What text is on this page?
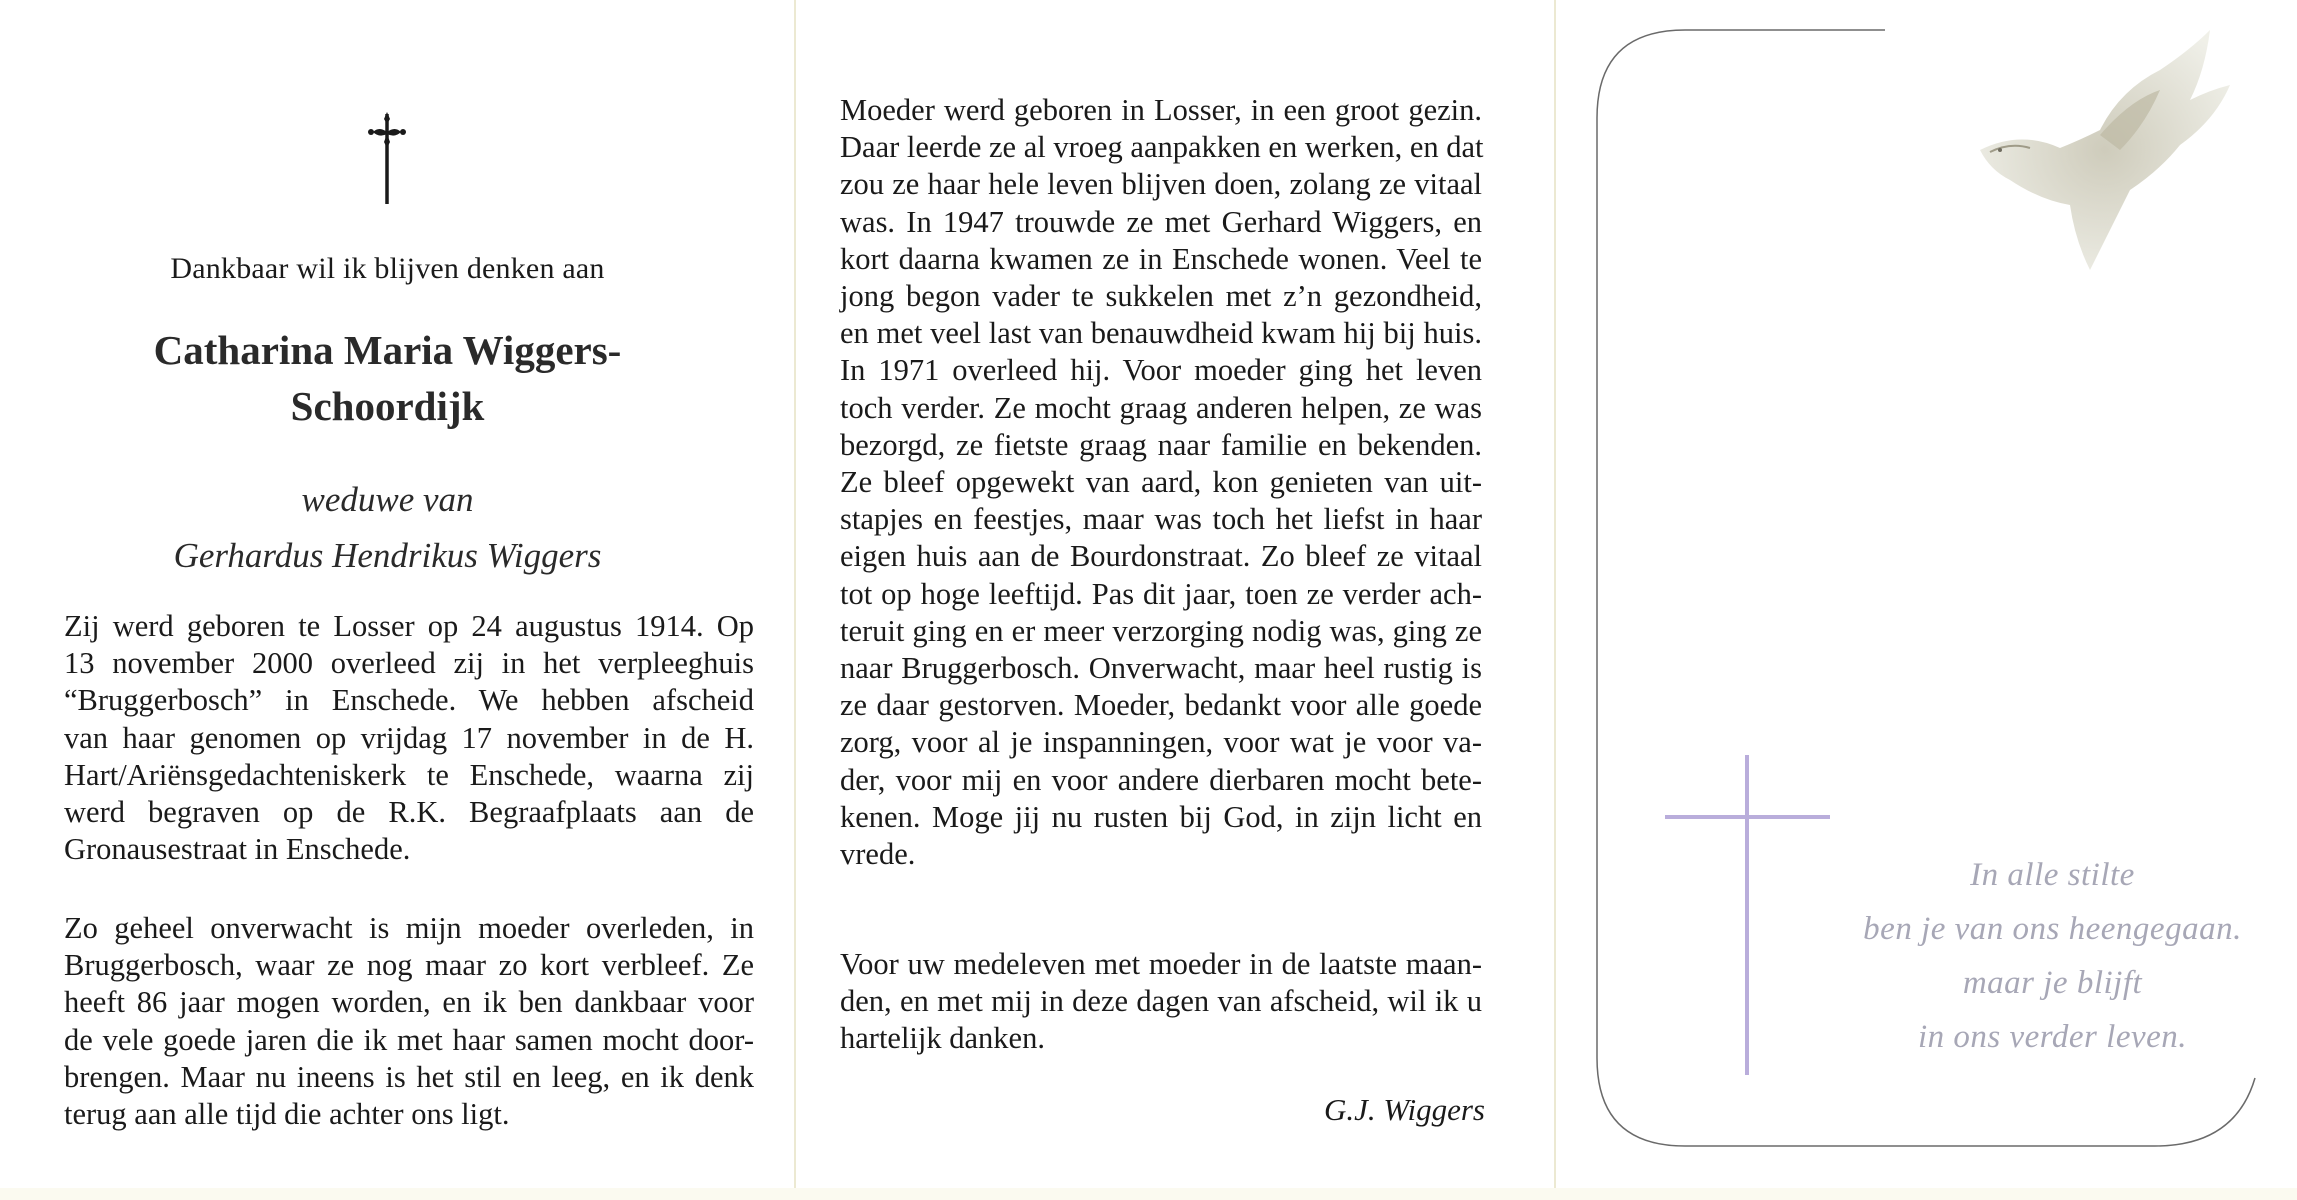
Dankbaar wil ik blijven denken aan
Catharina Maria Wiggers-
Schoordijk
weduwe van
Gerhardus Hendrikus Wiggers
Zij werd geboren te Losser op 24 augustus 1914. Op
13 november 2000 overleed zij in het verpleeghuis
“Bruggerbosch” in Enschede. We hebben afscheid
van haar genomen op vrijdag 17 november in de H.
Hart/Ariënsgedachteniskerk te Enschede, waarna zij
werd begraven op de R.K. Begraafplaats aan de
Gronausestraat in Enschede.
Zo geheel onverwacht is mijn moeder overleden, in
Bruggerbosch, waar ze nog maar zo kort verbleef. Ze
heeft 86 jaar mogen worden, en ik ben dankbaar voor
de vele goede jaren die ik met haar samen mocht door-
brengen. Maar nu ineens is het stil en leeg, en ik denk
terug aan alle tijd die achter ons ligt.
Moeder werd geboren in Losser, in een groot gezin.
Daar leerde ze al vroeg aanpakken en werken, en dat
zou ze haar hele leven blijven doen, zolang ze vitaal
was. In 1947 trouwde ze met Gerhard Wiggers, en
kort daarna kwamen ze in Enschede wonen. Veel te
jong begon vader te sukkelen met z’n gezondheid,
en met veel last van benauwdheid kwam hij bij huis.
In 1971 overleed hij. Voor moeder ging het leven
toch verder. Ze mocht graag anderen helpen, ze was
bezorgd, ze fietste graag naar familie en bekenden.
Ze bleef opgewekt van aard, kon genieten van uit-
stapjes en feestjes, maar was toch het liefst in haar
eigen huis aan de Bourdonstraat. Zo bleef ze vitaal
tot op hoge leeftijd. Pas dit jaar, toen ze verder ach-
teruit ging en er meer verzorging nodig was, ging ze
naar Bruggerbosch. Onverwacht, maar heel rustig is
ze daar gestorven. Moeder, bedankt voor alle goede
zorg, voor al je inspanningen, voor wat je voor va-
der, voor mij en voor andere dierbaren mocht bete-
kenen. Moge jij nu rusten bij God, in zijn licht en
vrede.
Voor uw medeleven met moeder in de laatste maan-
den, en met mij in deze dagen van afscheid, wil ik u
hartelijk danken.
G.J. Wiggers
In alle stilte
ben je van ons heengegaan.
maar je blijft
in ons verder leven.
